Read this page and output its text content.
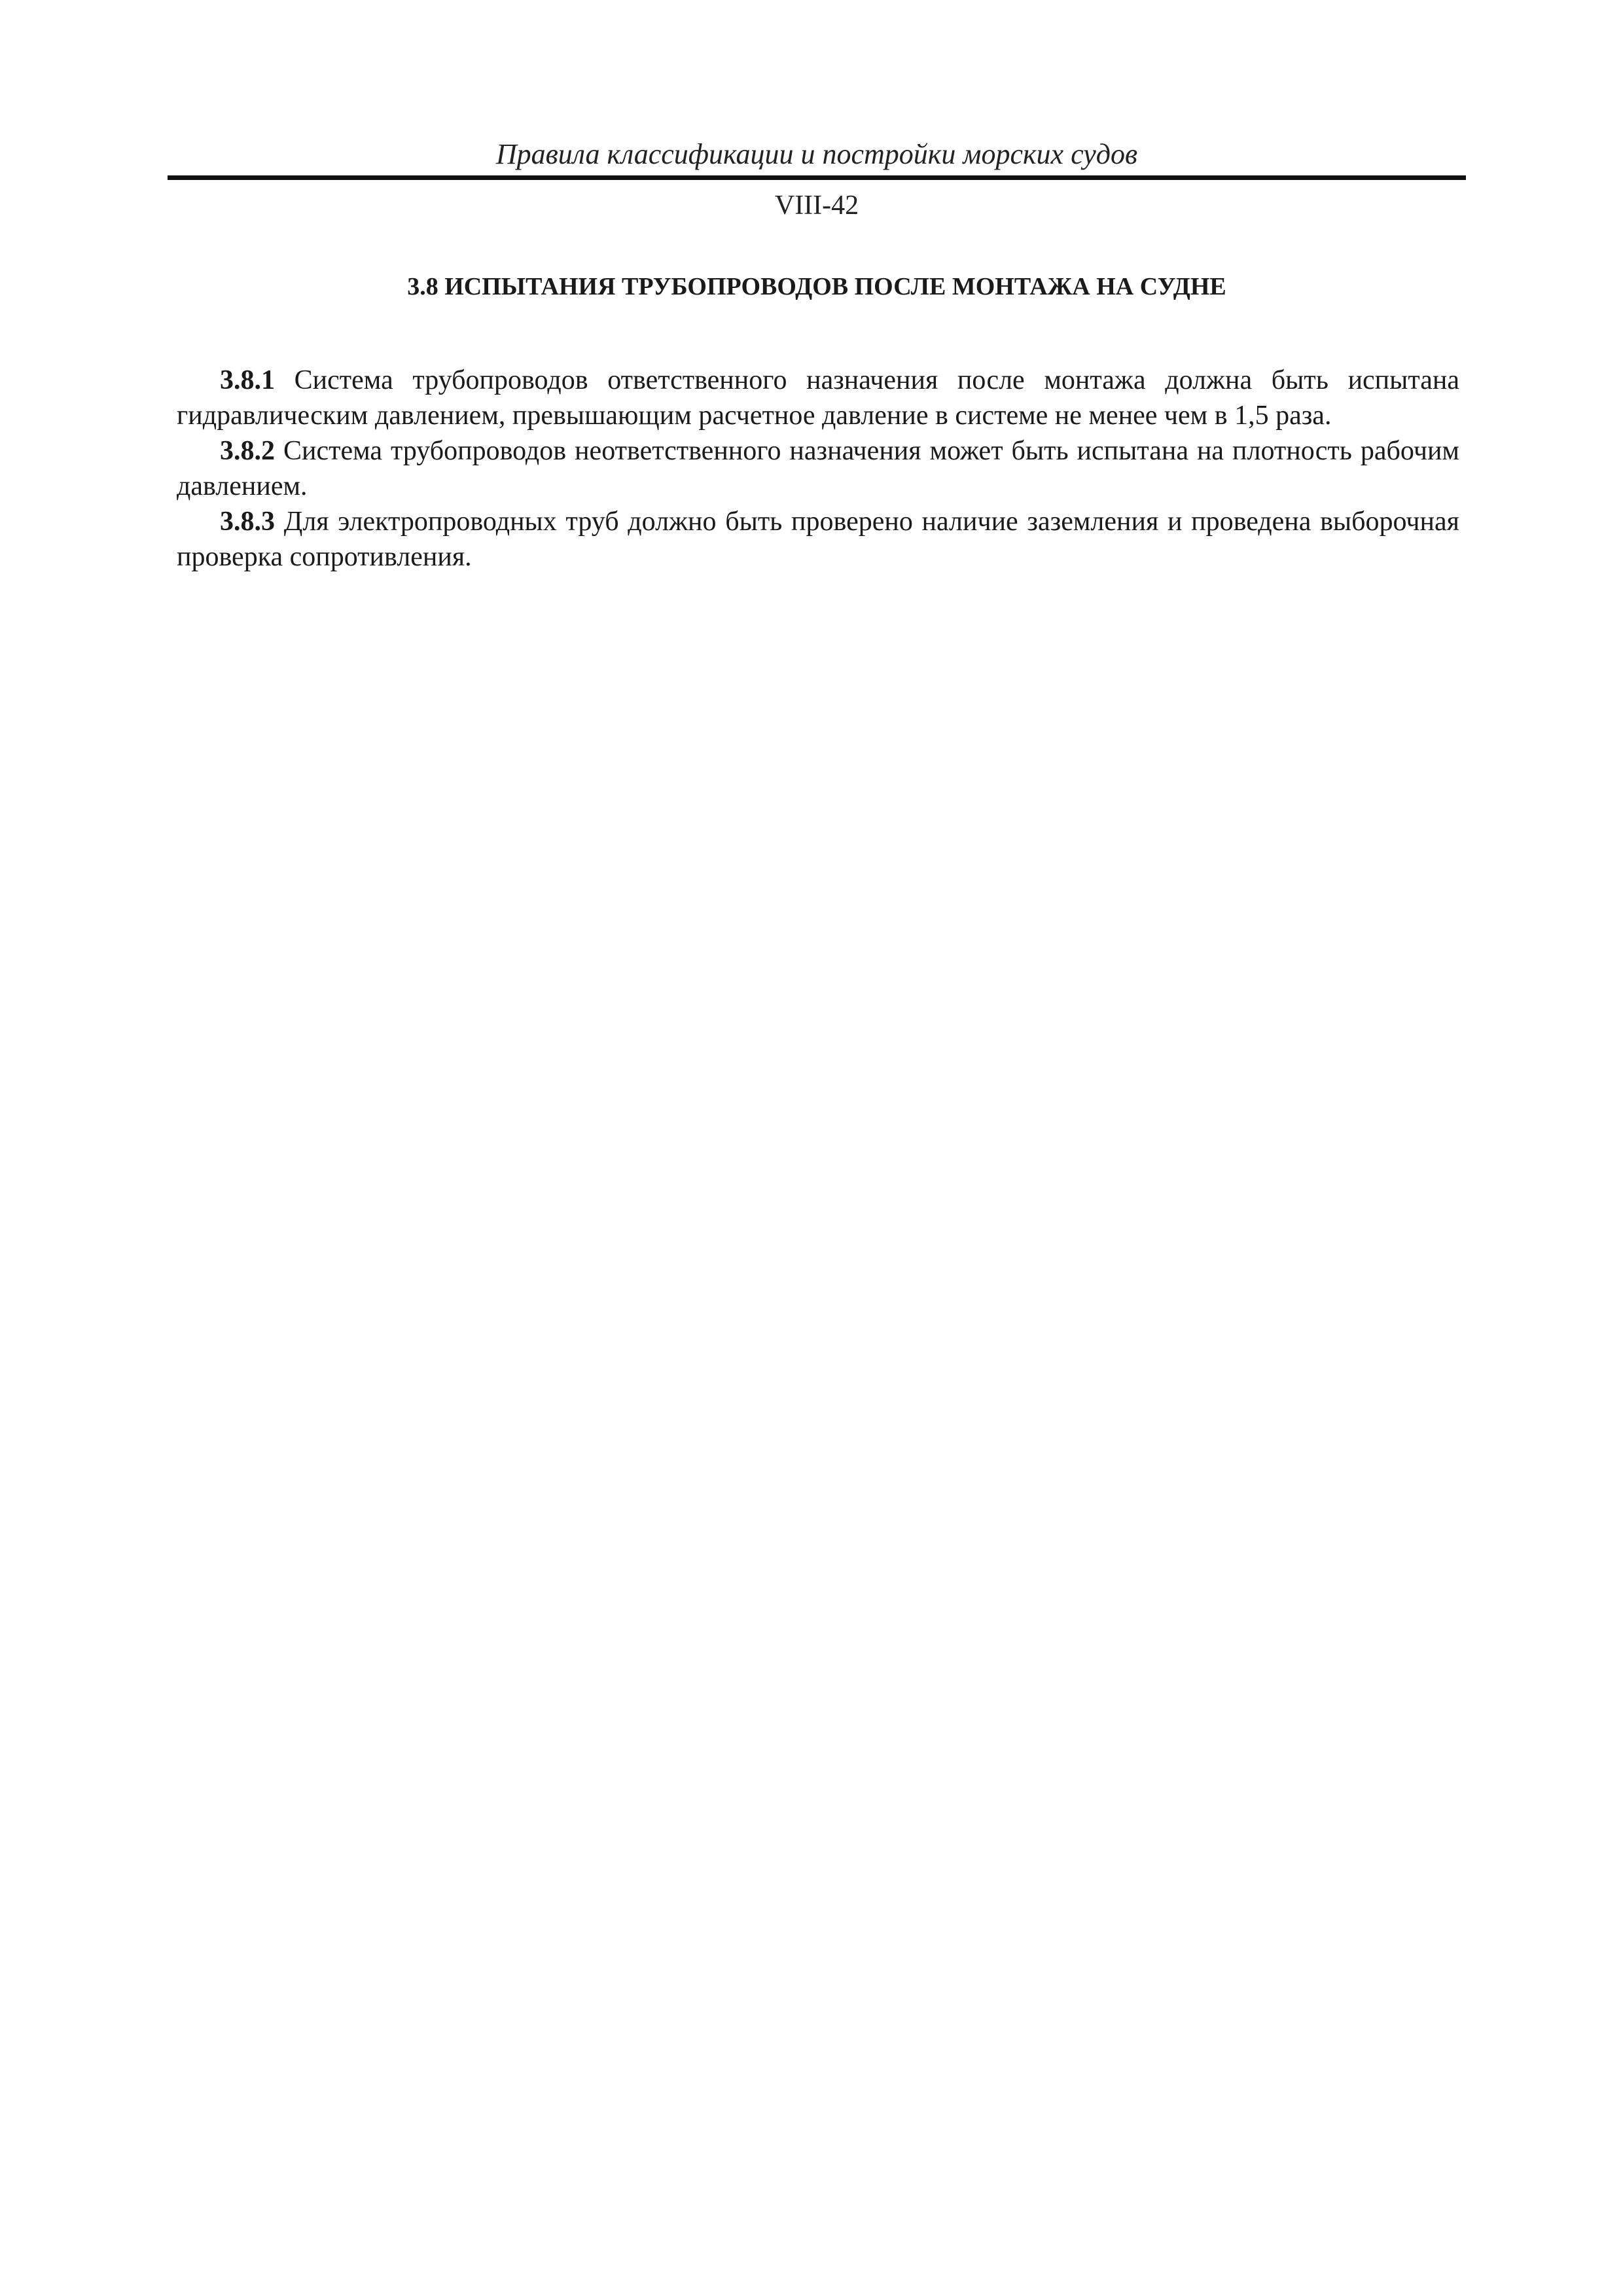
Правила классификации и постройки морских судов
VIII-42
3.8 ИСПЫТАНИЯ ТРУБОПРОВОДОВ ПОСЛЕ МОНТАЖА НА СУДНЕ

3.8.1 Система трубопроводов ответственного назначения после монтажа должна быть испытана гидравлическим давлением, превышающим расчетное давление в системе не менее чем в 1,5 раза.

3.8.2 Система трубопроводов неответственного назначения может быть испытана на плотность рабочим давлением.

3.8.3 Для электропроводных труб должно быть проверено наличие заземления и проведена выборочная проверка сопротивления.
